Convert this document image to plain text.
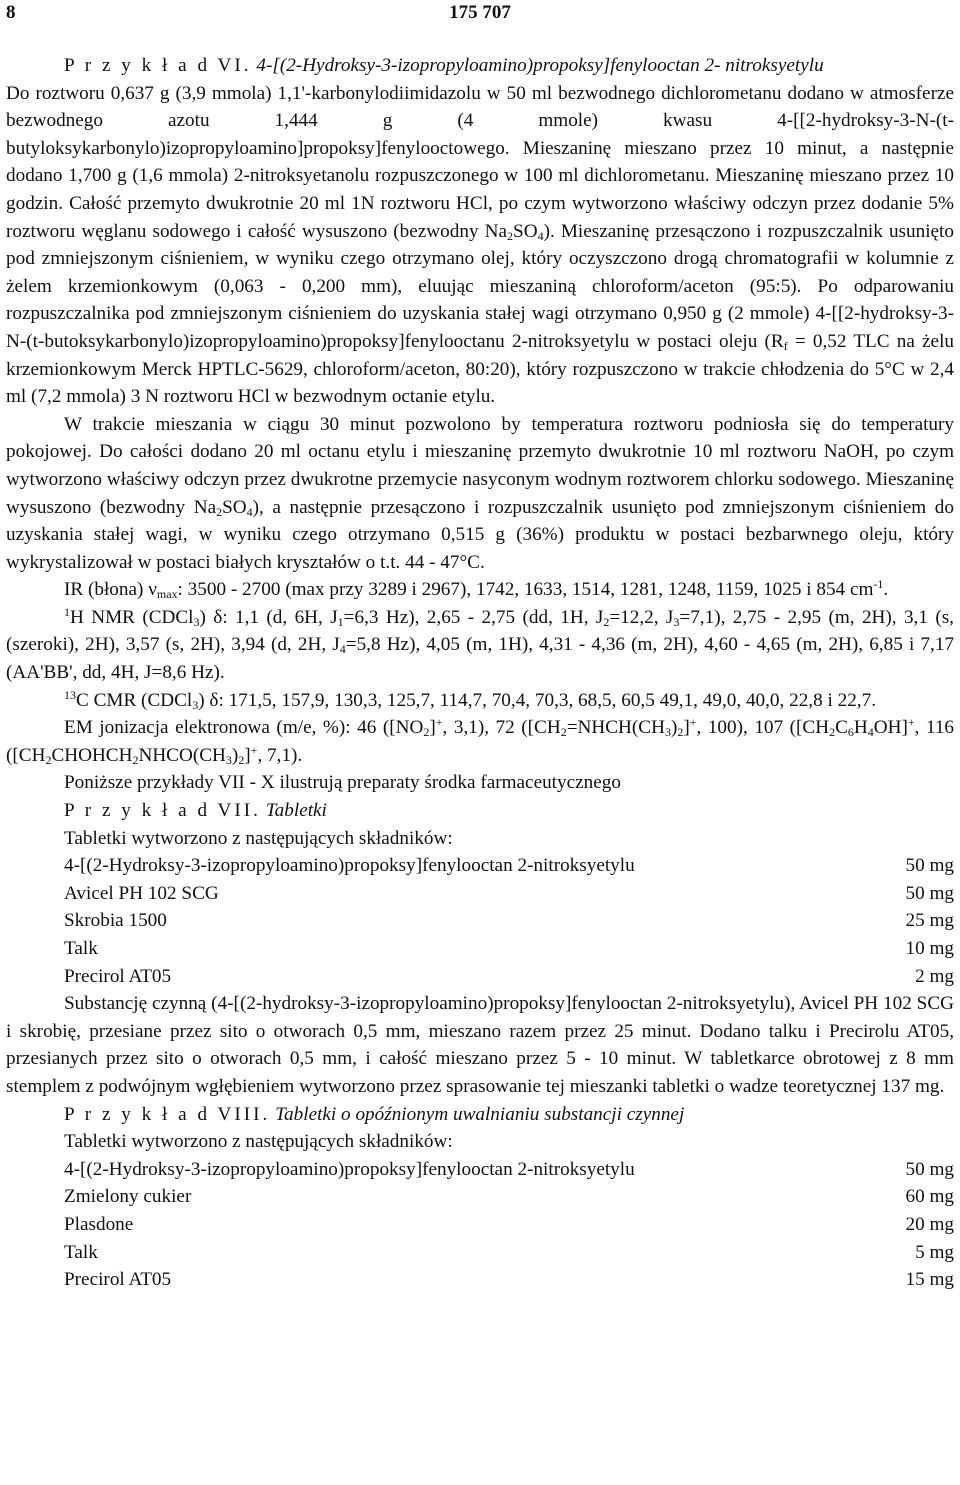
8	175 707

P r z y k ł a d VI. 4-[(2-Hydroksy-3-izopropyloamino)propoksy]fenylooctan 2- nitroksyetylu

Do roztworu 0,637 g (3,9 mmola) 1,1'-karbonylodiimidazolu w 50 ml bezwodnego dichlorometanu dodano w atmosferze bezwodnego azotu 1,444 g (4 mmole) kwasu 4-[[2-hydroksy-3-N-(t-butyloksykarbonylo)izopropyloamino]propoksy]fenylooctowego. Mieszaninę mieszano przez 10 minut, a następnie dodano 1,700 g (1,6 mmola) 2-nitroksyetanolu rozpuszczonego w 100 ml dichlorometanu. Mieszaninę mieszano przez 10 godzin. Całość przemyto dwukrotnie 20 ml 1N roztworu HCl, po czym wytworzono właściwy odczyn przez dodanie 5% roztworu węglanu sodowego i całość wysuszono (bezwodny $Na_2SO_4$). Mieszaninę przesączono i rozpuszczalnik usunięto pod zmniejszonym ciśnieniem, w wyniku czego otrzymano olej, który oczyszczono drogą chromatografii w kolumnie z żelem krzemionkowym (0,063 - 0,200 mm), eluując mieszaniną chloroform/aceton (95:5). Po odparowaniu rozpuszczalnika pod zmniejszonym ciśnieniem do uzyskania stałej wagi otrzymano 0,950 g (2 mmole) 4-[[2-hydroksy-3-N-(t-butoksykarbonylo)izopropyloamino)propoksy]fenylooctanu 2-nitroksyetylu w postaci oleju ($R_f = 0,52$ TLC na żelu krzemionkowym Merck HPTLC-5629, chloroform/aceton, 80:20), który rozpuszczono w trakcie chłodzenia do 5°C w 2,4 ml (7,2 mmola) 3 N roztworu HCl w bezwodnym octanie etylu.

W trakcie mieszania w ciągu 30 minut pozwolono by temperatura roztworu podniosła się do temperatury pokojowej. Do całości dodano 20 ml octanu etylu i mieszaninę przemyto dwukrotnie 10 ml roztworu NaOH, po czym wytworzono właściwy odczyn przez dwukrotne przemycie nasyconym wodnym roztworem chlorku sodowego. Mieszaninę wysuszono (bezwodny $Na_2SO_4$), a następnie przesączono i rozpuszczalnik usunięto pod zmniejszonym ciśnieniem do uzyskania stałej wagi, w wyniku czego otrzymano 0,515 g (36%) produktu w postaci bezbarwnego oleju, który wykrystalizował w postaci białych kryształów o t.t. 44 - 47°C.

IR (błona) $\nu_{max}$: 3500 - 2700 (max przy 3289 i 2967), 1742, 1633, 1514, 1281, 1248, 1159, 1025 i 854 $cm^{-1}$.

$^1$H NMR (CDCl$_3$) δ: 1,1 (d, 6H, $J_1=6,3$ Hz), 2,65 - 2,75 (dd, 1H, $J_2=12,2$, $J_3=7,1$), 2,75 - 2,95 (m, 2H), 3,1 (s, (szeroki), 2H), 3,57 (s, 2H), 3,94 (d, 2H, $J_4=5,8$ Hz), 4,05 (m, 1H), 4,31 - 4,36 (m, 2H), 4,60 - 4,65 (m, 2H), 6,85 i 7,17 (AA'BB', dd, 4H, J=8,6 Hz).

$^{13}$C CMR (CDCl$_3$) δ: 171,5, 157,9, 130,3, 125,7, 114,7, 70,4, 70,3, 68,5, 60,5 49,1, 49,0, 40,0, 22,8 i 22,7.

EM jonizacja elektronowa (m/e, %): 46 ($[NO_2]^+$, 3,1), 72 ($[CH_2=NHCH(CH_3)_2]^+$, 100), 107 ($[CH_2C_6H_4OH]^+$, 116 ($[CH_2CHOHCH_2NHCO(CH_3)_2]^+$, 7,1).

Poniższe przykłady VII - X ilustrują preparaty środka farmaceutycznego

P r z y k ł a d VII. Tabletki

Tabletki wytworzono z następujących składników:

4-[(2-Hydroksy-3-izopropyloamino)propoksy]fenylooctan 2-nitroksyetylu	50 mg
Avicel PH 102 SCG	50 mg
Skrobia 1500	25 mg
Talk	10 mg
Precirol AT05	2 mg

Substancję czynną (4-[(2-hydroksy-3-izopropyloamino)propoksy]fenylooctan 2-nitroksyetylu), Avicel PH 102 SCG i skrobię, przesiane przez sito o otworach 0,5 mm, mieszano razem przez 25 minut. Dodano talku i Precirolu AT05, przesianych przez sito o otworach 0,5 mm, i całość mieszano przez 5 - 10 minut. W tabletkarce obrotowej z 8 mm stemplem z podwójnym wgłębieniem wytworzono przez sprasowanie tej mieszanki tabletki o wadze teoretycznej 137 mg.

P r z y k ł a d VIII. Tabletki o opóźnionym uwalnianiu substancji czynnej

Tabletki wytworzono z następujących składników:

4-[(2-Hydroksy-3-izopropyloamino)propoksy]fenylooctan 2-nitroksyetylu	50 mg
Zmielony cukier	60 mg
Plasdone	20 mg
Talk	5 mg
Precirol AT05	15 mg
